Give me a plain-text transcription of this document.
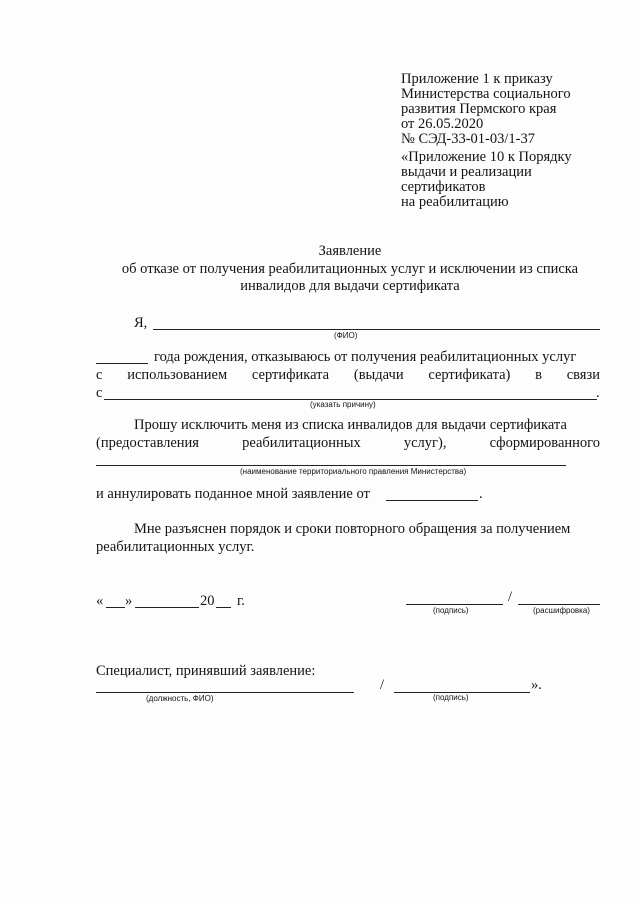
Приложение 1 к приказу
Министерства социального
развития Пермского края
от 26.05.2020
№ СЭД-33-01-03/1-37
«Приложение 10 к Порядку
выдачи и реализации
сертификатов
на реабилитацию
Заявление
об отказе от получения реабилитационных услуг и исключении из списка
инвалидов для выдачи сертификата
Я,
(ФИО)
года рождения, отказываюсь от получения реабилитационных услуг
с использованием сертификата (выдачи сертификата) в связи
с	.
(указать причину)
Прошу исключить меня из списка инвалидов для выдачи сертификата
(предоставления	реабилитационных	услуг),	сформированного
(наименование территориального правления Министерства)
и аннулировать поданное мной заявление от	.
Мне разъяснен порядок и сроки повторного обращения за получением
реабилитационных услуг.
« »	20 г.	/
(подпись)	(расшифровка)
Специалист, принявший заявление:
/	».
(должность, ФИО)	(подпись)
